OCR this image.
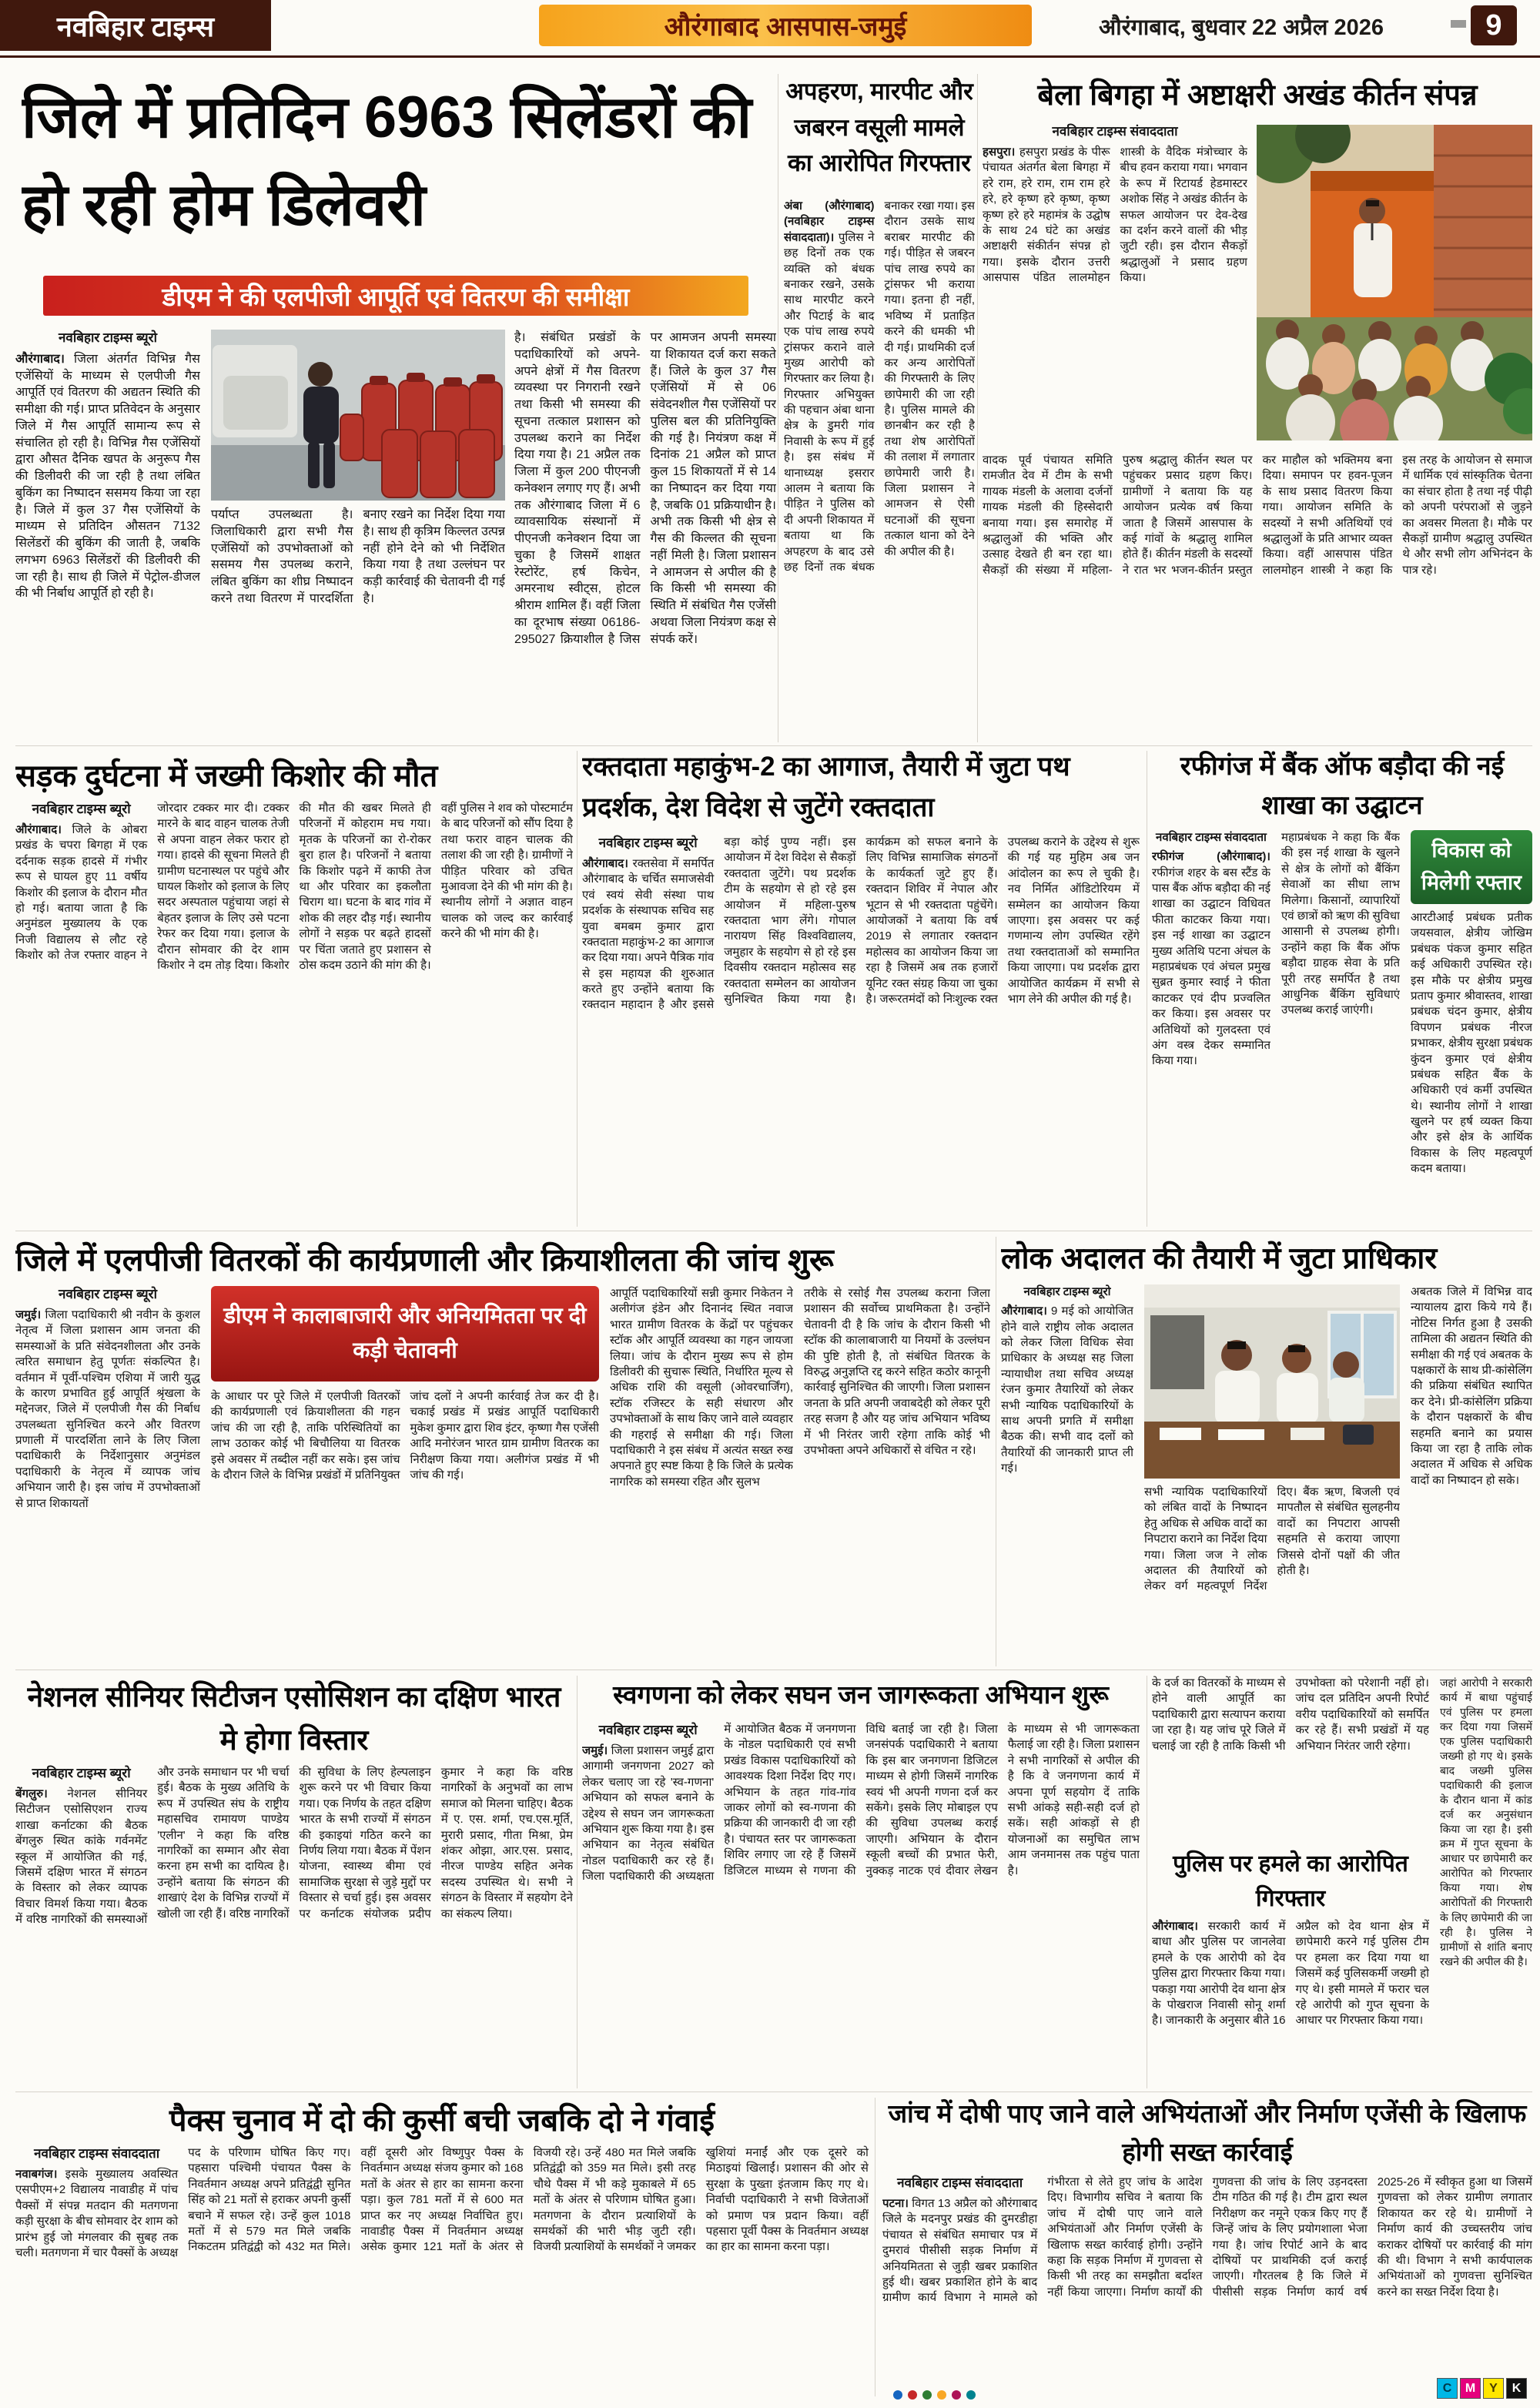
नवबिहार टाइम्स	औरंगाबाद आसपास-जमुई	औरंगाबाद, बुधवार 22 अप्रैल 2026	9
जिले में प्रतिदिन 6963 सिलेंडरों की हो रही होम डिलेवरी
डीएम ने की एलपीजी आपूर्ति एवं वितरण की समीक्षा
नवबिहार टाइम्स ब्यूरो

औरंगाबाद। जिला अंतर्गत विभिन्न गैस एजेंसियों के माध्यम से एलपीजी गैस आपूर्ति एवं वितरण की अद्यतन स्थिति की समीक्षा की गई। प्राप्त प्रतिवेदन के अनुसार जिले में गैस आपूर्ति सामान्य रूप से संचालित हो रही है। विभिन्न गैस एजेंसियों द्वारा औसत दैनिक खपत के अनुरूप गैस की डिलीवरी की जा रही है तथा लंबित बुकिंग का निष्पादन ससमय किया जा रहा है। जिले में कुल 37 गैस एजेंसियों के माध्यम से प्रतिदिन औसतन 7132 सिलेंडरों की बुकिंग की जाती है, जबकि लगभग 6963 सिलेंडरों की डिलीवरी की जा रही है। साथ ही जिले में पेट्रोल-डीजल की भी निर्बाध आपूर्ति हो रही है।

पर्याप्त उपलब्धता है। जिलाधिकारी द्वारा सभी गैस एजेंसियों को उपभोक्ताओं को ससमय गैस उपलब्ध कराने, लंबित बुकिंग का शीघ्र निष्पादन करने तथा वितरण में पारदर्शिता बनाए रखने का निर्देश दिया गया है। साथ ही कृत्रिम किल्लत उत्पन्न नहीं होने देने को भी निर्देशित किया गया है तथा उल्लंघन पर कड़ी कार्रवाई की चेतावनी दी गई है।
है। संबंधित प्रखंडों के पदाधिकारियों को अपने-अपने क्षेत्रों में गैस वितरण व्यवस्था पर निगरानी रखने तथा किसी भी समस्या की सूचना तत्काल प्रशासन को उपलब्ध कराने का निर्देश दिया गया है। 21 अप्रैल तक जिला में कुल 200 पीएनजी कनेक्शन लगाए गए हैं। अभी तक औरंगाबाद जिला में 6 व्यावसायिक संस्थानों में पीएनजी कनेक्शन दिया जा चुका है जिसमें शाक्षत रेस्टोरेंट, हर्ष किचेन, अमरनाथ स्वीट्स, होटल श्रीराम शामिल हैं। वहीं जिला का दूरभाष संख्या 06186-295027 क्रियाशील है जिस पर आमजन अपनी समस्या या शिकायत दर्ज करा सकते हैं। जिले के कुल 37 गैस एजेंसियों में से 06 संवेदनशील गैस एजेंसियों पर पुलिस बल की प्रतिनियुक्ति की गई है। नियंत्रण कक्ष में दिनांक 21 अप्रैल को प्राप्त कुल 15 शिकायतों में से 14 का निष्पादन कर दिया गया है, जबकि 01 प्रक्रियाधीन है। अभी तक किसी भी क्षेत्र से गैस की किल्लत की सूचना नहीं मिली है। जिला प्रशासन ने आमजन से अपील की है कि किसी भी समस्या की स्थिति में संबंधित गैस एजेंसी अथवा जिला नियंत्रण कक्ष से संपर्क करें।
अपहरण, मारपीट और जबरन वसूली मामले का आरोपित गिरफ्तार
अंबा (औरंगाबाद) (नवबिहार टाइम्स संवाददाता)। पुलिस ने छह दिनों तक एक व्यक्ति को बंधक बनाकर रखने, उसके साथ मारपीट करने और पिटाई के बाद एक पांच लाख रुपये ट्रांसफर कराने वाले मुख्य आरोपी को गिरफ्तार कर लिया है। गिरफ्तार अभियुक्त की पहचान अंबा थाना क्षेत्र के डुमरी गांव निवासी के रूप में हुई है। इस संबंध में थानाध्यक्ष इसरार आलम ने बताया कि पीड़ित ने पुलिस को दी अपनी शिकायत में बताया था कि अपहरण के बाद उसे छह दिनों तक बंधक बनाकर रखा गया। इस दौरान उसके साथ बराबर मारपीट की गई। पीड़ित से जबरन पांच लाख रुपये का ट्रांसफर भी कराया गया। इतना ही नहीं, भविष्य में प्रताड़ित करने की धमकी भी दी गई। प्राथमिकी दर्ज कर अन्य आरोपितों की गिरफ्तारी के लिए छापेमारी की जा रही है। पुलिस मामले की छानबीन कर रही है तथा शेष आरोपितों की तलाश में लगातार छापेमारी जारी है। जिला प्रशासन ने आमजन से ऐसी घटनाओं की सूचना तत्काल थाना को देने की अपील की है।
बेला बिगहा में अष्टाक्षरी अखंड कीर्तन संपन्न
नवबिहार टाइम्स संवाददाता
हसपुरा। हसपुरा प्रखंड के पीरू पंचायत अंतर्गत बेला बिगहा में हरे राम, हरे राम, राम राम हरे हरे, हरे कृष्ण हरे कृष्ण, कृष्ण कृष्ण हरे हरे महामंत्र के उद्घोष के साथ 24 घंटे का अखंड अष्टाक्षरी संकीर्तन संपन्न हो गया। इसके दौरान उत्तरी आसपास पंडित लालमोहन शास्त्री के वैदिक मंत्रोच्चार के बीच हवन कराया गया। भगवान के रूप में रिटायर्ड हेडमास्टर अशोक सिंह ने अखंड कीर्तन के सफल आयोजन पर देव-देख का दर्शन करने वालों की भीड़ जुटी रही। इस दौरान सैकड़ों श्रद्धालुओं ने प्रसाद ग्रहण किया।
वादक पूर्व पंचायत समिति रामजीत देव में टीम के सभी गायक मंडली के अलावा दर्जनों गायक मंडली की हिस्सेदारी बनाया गया। इस समारोह में श्रद्धालुओं की भक्ति और उत्साह देखते ही बन रहा था। सैकड़ों की संख्या में महिला-पुरुष श्रद्धालु कीर्तन स्थल पर पहुंचकर प्रसाद ग्रहण किए। ग्रामीणों ने बताया कि यह आयोजन प्रत्येक वर्ष किया जाता है जिसमें आसपास के कई गांवों के श्रद्धालु शामिल होते हैं। कीर्तन मंडली के सदस्यों ने रात भर भजन-कीर्तन प्रस्तुत कर माहौल को भक्तिमय बना दिया। समापन पर हवन-पूजन के साथ प्रसाद वितरण किया गया। आयोजन समिति के सदस्यों ने सभी अतिथियों एवं श्रद्धालुओं के प्रति आभार व्यक्त किया। वहीं आसपास पंडित लालमोहन शास्त्री ने कहा कि इस तरह के आयोजन से समाज में धार्मिक एवं सांस्कृतिक चेतना का संचार होता है तथा नई पीढ़ी को अपनी परंपराओं से जुड़ने का अवसर मिलता है। मौके पर सैकड़ों ग्रामीण श्रद्धालु उपस्थित थे और सभी लोग अभिनंदन के पात्र रहे।
सड़क दुर्घटना में जख्मी किशोर की मौत
नवबिहार टाइम्स ब्यूरो
औरंगाबाद। जिले के ओबरा प्रखंड के चपरा बिगहा में एक दर्दनाक सड़क हादसे में गंभीर रूप से घायल हुए 11 वर्षीय किशोर की इलाज के दौरान मौत हो गई। बताया जाता है कि अनुमंडल मुख्यालय के एक निजी विद्यालय से लौट रहे किशोर को तेज रफ्तार वाहन ने जोरदार टक्कर मार दी। टक्कर मारने के बाद वाहन चालक तेजी से अपना वाहन लेकर फरार हो गया। हादसे की सूचना मिलते ही ग्रामीण घटनास्थल पर पहुंचे और घायल किशोर को इलाज के लिए सदर अस्पताल पहुंचाया जहां से बेहतर इलाज के लिए उसे पटना रेफर कर दिया गया। इलाज के दौरान सोमवार की देर शाम किशोर ने दम तोड़ दिया। किशोर की मौत की खबर मिलते ही परिजनों में कोहराम मच गया। मृतक के परिजनों का रो-रोकर बुरा हाल है। परिजनों ने बताया कि किशोर पढ़ने में काफी तेज था और परिवार का इकलौता चिराग था। घटना के बाद गांव में शोक की लहर दौड़ गई। स्थानीय लोगों ने सड़क पर बढ़ते हादसों पर चिंता जताते हुए प्रशासन से ठोस कदम उठाने की मांग की है। वहीं पुलिस ने शव को पोस्टमार्टम के बाद परिजनों को सौंप दिया है तथा फरार वाहन चालक की तलाश की जा रही है। ग्रामीणों ने पीड़ित परिवार को उचित मुआवजा देने की भी मांग की है। स्थानीय लोगों ने अज्ञात वाहन चालक को जल्द कर कार्रवाई करने की भी मांग की है।
रक्तदाता महाकुंभ-2 का आगाज, तैयारी में जुटा पथ प्रदर्शक, देश विदेश से जुटेंगे रक्तदाता
नवबिहार टाइम्स ब्यूरो
औरंगाबाद। रक्तसेवा में समर्पित औरंगाबाद के चर्चित समाजसेवी एवं स्वयं सेवी संस्था पाथ प्रदर्शक के संस्थापक सचिव सह युवा बमबम कुमार द्वारा रक्तदाता महाकुंभ-2 का आगाज कर दिया गया। अपने पैत्रिक गांव से इस महायज्ञ की शुरुआत करते हुए उन्होंने बताया कि रक्तदान महादान है और इससे बड़ा कोई पुण्य नहीं। इस आयोजन में देश विदेश से सैकड़ों रक्तदाता जुटेंगे। पथ प्रदर्शक टीम के सहयोग से हो रहे इस आयोजन में महिला-पुरुष रक्तदाता भाग लेंगे। गोपाल नारायण सिंह विश्वविद्यालय, जमुहार के सहयोग से हो रहे इस दिवसीय रक्तदान महोत्सव सह रक्तदाता सम्मेलन का आयोजन सुनिश्चित किया गया है। कार्यक्रम को सफल बनाने के लिए विभिन्न सामाजिक संगठनों के कार्यकर्ता जुटे हुए हैं। रक्तदान शिविर में नेपाल और भूटान से भी रक्तदाता पहुंचेंगे। आयोजकों ने बताया कि वर्ष 2019 से लगातार रक्तदान महोत्सव का आयोजन किया जा रहा है जिसमें अब तक हजारों यूनिट रक्त संग्रह किया जा चुका है। जरूरतमंदों को निःशुल्क रक्त उपलब्ध कराने के उद्देश्य से शुरू की गई यह मुहिम अब जन आंदोलन का रूप ले चुकी है। नव निर्मित ऑडिटोरियम में सम्मेलन का आयोजन किया जाएगा। इस अवसर पर कई गणमान्य लोग उपस्थित रहेंगे तथा रक्तदाताओं को सम्मानित किया जाएगा। पथ प्रदर्शक द्वारा आयोजित कार्यक्रम में सभी से भाग लेने की अपील की गई है।
रफीगंज में बैंक ऑफ बड़ौदा की नई शाखा का उद्घाटन
नवबिहार टाइम्स संवाददाता

रफीगंज (औरंगाबाद)। रफीगंज शहर के बस स्टैंड के पास बैंक ऑफ बड़ौदा की नई शाखा का उद्घाटन विधिवत फीता काटकर किया गया। इस नई शाखा का उद्घाटन मुख्य अतिथि पटना अंचल के महाप्रबंधक एवं अंचल प्रमुख सुब्रत कुमार स्वाई ने फीता काटकर एवं दीप प्रज्वलित कर किया। इस अवसर पर अतिथियों को गुलदस्ता एवं अंग वस्त्र देकर सम्मानित किया गया।

महाप्रबंधक ने कहा कि बैंक की इस नई शाखा के खुलने से क्षेत्र के लोगों को बैंकिंग सेवाओं का सीधा लाभ मिलेगा। किसानों, व्यापारियों एवं छात्रों को ऋण की सुविधा आसानी से उपलब्ध होगी। उन्होंने कहा कि बैंक ऑफ बड़ौदा ग्राहक सेवा के प्रति पूरी तरह समर्पित है तथा आधुनिक बैंकिंग सुविधाएं उपलब्ध कराई जाएंगी।
विकास को मिलेगी रफ्तार

आरटीआई प्रबंधक प्रतीक जयसवाल, क्षेत्रीय जोखिम प्रबंधक पंकज कुमार सहित कई अधिकारी उपस्थित रहे। इस मौके पर क्षेत्रीय प्रमुख प्रताप कुमार श्रीवास्तव, शाखा प्रबंधक चंदन कुमार, क्षेत्रीय विपणन प्रबंधक नीरज प्रभाकर, क्षेत्रीय सुरक्षा प्रबंधक कुंदन कुमार एवं क्षेत्रीय प्रबंधक सहित बैंक के अधिकारी एवं कर्मी उपस्थित थे। स्थानीय लोगों ने शाखा खुलने पर हर्ष व्यक्त किया और इसे क्षेत्र के आर्थिक विकास के लिए महत्वपूर्ण कदम बताया।

जिले में एलपीजी वितरकों की कार्यप्रणाली और क्रियाशीलता की जांच शुरू
नवबिहार टाइम्स ब्यूरो

जमुई। जिला पदाधिकारी श्री नवीन के कुशल नेतृत्व में जिला प्रशासन आम जनता की समस्याओं के प्रति संवेदनशीलता और उनके त्वरित समाधान हेतु पूर्णतः संकल्पित है। वर्तमान में पूर्वी-पश्चिम एशिया में जारी युद्ध के कारण प्रभावित हुई आपूर्ति श्रृंखला के मद्देनजर, जिले में एलपीजी गैस की निर्बाध उपलब्धता सुनिश्चित करने और वितरण प्रणाली में पारदर्शिता लाने के लिए जिला पदाधिकारी के निर्देशानुसार अनुमंडल पदाधिकारी के नेतृत्व में व्यापक जांच अभियान जारी है। इस जांच में उपभोक्ताओं से प्राप्त शिकायतों

डीएम ने कालाबाजारी और अनियमितता पर दी कड़ी चेतावनी
के आधार पर पूरे जिले में एलपीजी वितरकों की कार्यप्रणाली एवं क्रियाशीलता की गहन जांच की जा रही है, ताकि परिस्थितियों का लाभ उठाकर कोई भी बिचौलिया या वितरक इसे अवसर में तब्दील नहीं कर सके। इस जांच के दौरान जिले के विभिन्न प्रखंडों में प्रतिनियुक्त जांच दलों ने अपनी कार्रवाई तेज कर दी है। चकाई प्रखंड में प्रखंड आपूर्ति पदाधिकारी मुकेश कुमार द्वारा शिव इंटर, कृष्णा गैस एजेंसी आदि मनोरंजन भारत ग्राम ग्रामीण वितरक का निरीक्षण किया गया। अलीगंज प्रखंड में भी जांच की गई।
आपूर्ति पदाधिकारियों सन्नी कुमार निकेतन ने अलीगंज इंडेन और दिनानंद स्थित नवाज भारत ग्रामीण वितरक के केंद्रों पर पहुंचकर स्टॉक और आपूर्ति व्यवस्था का गहन जायजा लिया। जांच के दौरान मुख्य रूप से होम डिलीवरी की सुचारू स्थिति, निर्धारित मूल्य से अधिक राशि की वसूली (ओवरचार्जिंग), स्टॉक रजिस्टर के सही संधारण और उपभोक्ताओं के साथ किए जाने वाले व्यवहार की गहराई से समीक्षा की गई। जिला पदाधिकारी ने इस संबंध में अत्यंत सख्त रुख अपनाते हुए स्पष्ट किया है कि जिले के प्रत्येक नागरिक को समस्या रहित और सुलभ
तरीके से रसोई गैस उपलब्ध कराना जिला प्रशासन की सर्वोच्च प्राथमिकता है। उन्होंने चेतावनी दी है कि जांच के दौरान किसी भी स्टॉक की कालाबाजारी या नियमों के उल्लंघन की पुष्टि होती है, तो संबंधित वितरक के विरुद्ध अनुज्ञप्ति रद्द करने सहित कठोर कानूनी कार्रवाई सुनिश्चित की जाएगी। जिला प्रशासन जनता के प्रति अपनी जवाबदेही को लेकर पूरी तरह सजग है और यह जांच अभियान भविष्य में भी निरंतर जारी रहेगा ताकि कोई भी उपभोक्ता अपने अधिकारों से वंचित न रहे।
लोक अदालत की तैयारी में जुटा प्राधिकार
नवबिहार टाइम्स ब्यूरो

औरंगाबाद। 9 मई को आयोजित होने वाले राष्ट्रीय लोक अदालत को लेकर जिला विधिक सेवा प्राधिकार के अध्यक्ष सह जिला न्यायाधीश तथा सचिव अध्यक्ष रंजन कुमार तैयारियों को लेकर सभी न्यायिक पदाधिकारियों के साथ अपनी प्रगति में समीक्षा बैठक की। सभी वाद दलों को तैयारियों की जानकारी प्राप्त ली गई।

सभी न्यायिक पदाधिकारियों को लंबित वादों के निष्पादन हेतु अधिक से अधिक वादों का निपटारा कराने का निर्देश दिया गया। जिला जज ने लोक अदालत की तैयारियों को लेकर वर्ग महत्वपूर्ण निर्देश दिए। बैंक ऋण, बिजली एवं मापतौल से संबंधित सुलहनीय वादों का निपटारा आपसी सहमति से कराया जाएगा जिससे दोनों पक्षों की जीत होती है।
अबतक जिले में विभिन्न वाद न्यायालय द्वारा किये गये हैं। नोटिस निर्गत हुआ है उसकी तामिला की अद्यतन स्थिति की समीक्षा की गई एवं अबतक के पक्षकारों के साथ प्री-कांसेलिंग की प्रक्रिया संबंधित स्थापित कर देने। प्री-कांसेलिंग प्रक्रिया के दौरान पक्षकारों के बीच सहमति बनाने का प्रयास किया जा रहा है ताकि लोक अदालत में अधिक से अधिक वादों का निष्पादन हो सके।
नेशनल सीनियर सिटीजन एसोसिशन का दक्षिण भारत मे होगा विस्तार
नवबिहार टाइम्स ब्यूरो
बेंगलुरु। नेशनल सीनियर सिटीजन एसोसिएशन राज्य शाखा कर्नाटका की बैठक बेंगलुरु स्थित कांके गर्वनमेंट स्कूल में आयोजित की गई, जिसमें दक्षिण भारत में संगठन के विस्तार को लेकर व्यापक विचार विमर्श किया गया। बैठक में वरिष्ठ नागरिकों की समस्याओं और उनके समाधान पर भी चर्चा हुई। बैठक के मुख्य अतिथि के रूप में उपस्थित संघ के राष्ट्रीय महासचिव रामायण पाण्डेय 'एलीन' ने कहा कि वरिष्ठ नागरिकों का सम्मान और सेवा करना हम सभी का दायित्व है। उन्होंने बताया कि संगठन की शाखाएं देश के विभिन्न राज्यों में खोली जा रही हैं। वरिष्ठ नागरिकों की सुविधा के लिए हेल्पलाइन शुरू करने पर भी विचार किया गया। एक निर्णय के तहत दक्षिण भारत के सभी राज्यों में संगठन की इकाइयां गठित करने का निर्णय लिया गया। बैठक में पेंशन योजना, स्वास्थ्य बीमा एवं सामाजिक सुरक्षा से जुड़े मुद्दों पर विस्तार से चर्चा हुई। इस अवसर पर कर्नाटक संयोजक प्रदीप कुमार ने कहा कि वरिष्ठ नागरिकों के अनुभवों का लाभ समाज को मिलना चाहिए। बैठक में ए. एस. शर्मा, एच.एस.मूर्ति, मुरारी प्रसाद, गीता मिश्रा, प्रेम शंकर ओझा, आर.एस. प्रसाद, नीरज पाण्डेय सहित अनेक सदस्य उपस्थित थे। सभी ने संगठन के विस्तार में सहयोग देने का संकल्प लिया।
स्वगणना को लेकर सघन जन जागरूकता अभियान शुरू
नवबिहार टाइम्स ब्यूरो
जमुई। जिला प्रशासन जमुई द्वारा आगामी जनगणना 2027 को लेकर चलाए जा रहे 'स्व-गणना' अभियान को सफल बनाने के उद्देश्य से सघन जन जागरूकता अभियान शुरू किया गया है। इस अभियान का नेतृत्व संबंधित नोडल पदाधिकारी कर रहे हैं। जिला पदाधिकारी की अध्यक्षता में आयोजित बैठक में जनगणना के नोडल पदाधिकारी एवं सभी प्रखंड विकास पदाधिकारियों को आवश्यक दिशा निर्देश दिए गए। अभियान के तहत गांव-गांव जाकर लोगों को स्व-गणना की प्रक्रिया की जानकारी दी जा रही है। पंचायत स्तर पर जागरूकता शिविर लगाए जा रहे हैं जिसमें डिजिटल माध्यम से गणना की विधि बताई जा रही है। जिला जनसंपर्क पदाधिकारी ने बताया कि इस बार जनगणना डिजिटल माध्यम से होगी जिसमें नागरिक स्वयं भी अपनी गणना दर्ज कर सकेंगे। इसके लिए मोबाइल एप की सुविधा उपलब्ध कराई जाएगी। अभियान के दौरान स्कूली बच्चों की प्रभात फेरी, नुक्कड़ नाटक एवं दीवार लेखन के माध्यम से भी जागरूकता फैलाई जा रही है। जिला प्रशासन ने सभी नागरिकों से अपील की है कि वे जनगणना कार्य में अपना पूर्ण सहयोग दें ताकि सभी आंकड़े सही-सही दर्ज हो सकें। सही आंकड़ों से ही योजनाओं का समुचित लाभ आम जनमानस तक पहुंच पाता है।
के दर्ज का वितरकों के माध्यम से होने वाली आपूर्ति का पदाधिकारी द्वारा सत्यापन कराया जा रहा है। यह जांच पूरे जिले में चलाई जा रही है ताकि किसी भी उपभोक्ता को परेशानी नहीं हो। जांच दल प्रतिदिन अपनी रिपोर्ट वरीय पदाधिकारियों को समर्पित कर रहे हैं। सभी प्रखंडों में यह अभियान निरंतर जारी रहेगा।
पुलिस पर हमले का आरोपित गिरफ्तार
औरंगाबाद। सरकारी कार्य में बाधा और पुलिस पर जानलेवा हमले के एक आरोपी को देव पुलिस द्वारा गिरफ्तार किया गया। पकड़ा गया आरोपी देव थाना क्षेत्र के पोखराज निवासी सोनू शर्मा है। जानकारी के अनुसार बीते 16 अप्रैल को देव थाना क्षेत्र में छापेमारी करने गई पुलिस टीम पर हमला कर दिया गया था जिसमें कई पुलिसकर्मी जख्मी हो गए थे। इसी मामले में फरार चल रहे आरोपी को गुप्त सूचना के आधार पर गिरफ्तार किया गया।
जहां आरोपी ने सरकारी कार्य में बाधा पहुंचाई एवं पुलिस पर हमला कर दिया गया जिसमें एक पुलिस पदाधिकारी जख्मी हो गए थे। इसके बाद जख्मी पुलिस पदाधिकारी की इलाज के दौरान थाना में कांड दर्ज कर अनुसंधान किया जा रहा है। इसी क्रम में गुप्त सूचना के आधार पर छापेमारी कर आरोपित को गिरफ्तार किया गया। शेष आरोपितों की गिरफ्तारी के लिए छापेमारी की जा रही है। पुलिस ने ग्रामीणों से शांति बनाए रखने की अपील की है।
पैक्स चुनाव में दो की कुर्सी बची जबकि दो ने गंवाई
नवबिहार टाइम्स संवाददाता
नवाबगंज। इसके मुख्यालय अवस्थित एसपीएम+2 विद्यालय नावाडीह में पांच पैक्सों में संपन्न मतदान की मतगणना कड़ी सुरक्षा के बीच सोमवार देर शाम को प्रारंभ हुई जो मंगलवार की सुबह तक चली। मतगणना में चार पैक्सों के अध्यक्ष पद के परिणाम घोषित किए गए। पहसारा पश्चिमी पंचायत पैक्स के निवर्तमान अध्यक्ष अपने प्रतिद्वंद्वी सुनित सिंह को 21 मतों से हराकर अपनी कुर्सी बचाने में सफल रहे। उन्हें कुल 1018 मतों में से 579 मत मिले जबकि निकटतम प्रतिद्वंद्वी को 432 मत मिले। वहीं दूसरी ओर विष्णुपुर पैक्स के निवर्तमान अध्यक्ष संजय कुमार को 168 मतों के अंतर से हार का सामना करना पड़ा। कुल 781 मतों में से 600 मत प्राप्त कर नए अध्यक्ष निर्वाचित हुए। नावाडीह पैक्स में निवर्तमान अध्यक्ष असेक कुमार 121 मतों के अंतर से विजयी रहे। उन्हें 480 मत मिले जबकि प्रतिद्वंद्वी को 359 मत मिले। इसी तरह चौथे पैक्स में भी कड़े मुकाबले में 65 मतों के अंतर से परिणाम घोषित हुआ। मतगणना के दौरान प्रत्याशियों के समर्थकों की भारी भीड़ जुटी रही। विजयी प्रत्याशियों के समर्थकों ने जमकर खुशियां मनाईं और एक दूसरे को मिठाइयां खिलाईं। प्रशासन की ओर से सुरक्षा के पुख्ता इंतजाम किए गए थे। निर्वाची पदाधिकारी ने सभी विजेताओं को प्रमाण पत्र प्रदान किया। वहीं पहसारा पूर्वी पैक्स के निवर्तमान अध्यक्ष का हार का सामना करना पड़ा।
जांच में दोषी पाए जाने वाले अभियंताओं और निर्माण एजेंसी के खिलाफ होगी सख्त कार्रवाई
नवबिहार टाइम्स संवाददाता
पटना। विगत 13 अप्रैल को औरंगाबाद जिले के मदनपुर प्रखंड की दुमरडीहा पंचायत से संबंधित समाचार पत्र में दुमरावं पीसीसी सड़क निर्माण में अनियमितता से जुड़ी खबर प्रकाशित हुई थी। खबर प्रकाशित होने के बाद ग्रामीण कार्य विभाग ने मामले को गंभीरता से लेते हुए जांच के आदेश दिए। विभागीय सचिव ने बताया कि जांच में दोषी पाए जाने वाले अभियंताओं और निर्माण एजेंसी के खिलाफ सख्त कार्रवाई होगी। उन्होंने कहा कि सड़क निर्माण में गुणवत्ता से किसी भी तरह का समझौता बर्दाश्त नहीं किया जाएगा। निर्माण कार्यों की गुणवत्ता की जांच के लिए उड़नदस्ता टीम गठित की गई है। टीम द्वारा स्थल निरीक्षण कर नमूने एकत्र किए गए हैं जिन्हें जांच के लिए प्रयोगशाला भेजा गया है। जांच रिपोर्ट आने के बाद दोषियों पर प्राथमिकी दर्ज कराई जाएगी। गौरतलब है कि जिले में पीसीसी सड़क निर्माण कार्य वर्ष 2025-26 में स्वीकृत हुआ था जिसमें गुणवत्ता को लेकर ग्रामीण लगातार शिकायत कर रहे थे। ग्रामीणों ने निर्माण कार्य की उच्चस्तरीय जांच कराकर दोषियों पर कार्रवाई की मांग की थी। विभाग ने सभी कार्यपालक अभियंताओं को गुणवत्ता सुनिश्चित करने का सख्त निर्देश दिया है।
C	M	Y	K
